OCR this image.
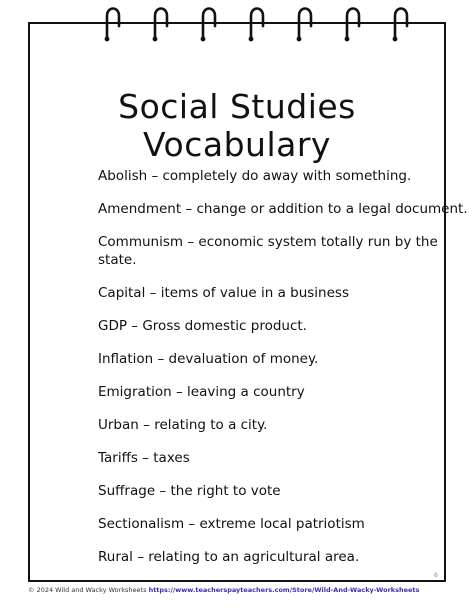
Social Studies
Vocabulary
Abolish – completely do away with something.
Amendment – change or addition to a legal document.
Communism – economic system totally run by the state.
Capital – items of value in a business
GDP – Gross domestic product.
Inflation – devaluation of money.
Emigration – leaving a country
Urban – relating to a city.
Tariffs – taxes
Suffrage – the right to vote
Sectionalism – extreme local patriotism
Rural – relating to an agricultural area.
6
© 2024 Wild and Wacky Worksheets https://www.teacherspayteachers.com/Store/Wild-And-Wacky-Worksheets
